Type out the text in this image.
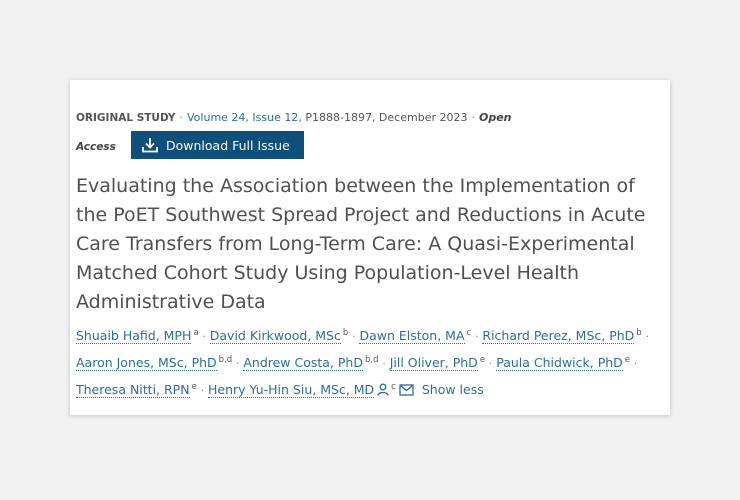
ORIGINAL STUDY · Volume 24, Issue 12, P1888-1897, December 2023 · Open
Access	Download Full Issue
Evaluating the Association between the Implementation of the PoET Southwest Spread Project and Reductions in Acute Care Transfers from Long-Term Care: A Quasi-Experimental Matched Cohort Study Using Population-Level Health Administrative Data
Shuaib Hafid, MPH $^a$ · David Kirkwood, MSc $^b$ · Dawn Elston, MA $^c$ · Richard Perez, MSc, PhD $^b$ ·
Aaron Jones, MSc, PhD $^{b,d}$ · Andrew Costa, PhD $^{b,d}$ · Jill Oliver, PhD $^e$ · Paula Chidwick, PhD $^e$ ·
Theresa Nitti, RPN $^e$ · Henry Yu-Hin Siu, MSc, MD $^c$ Show less
